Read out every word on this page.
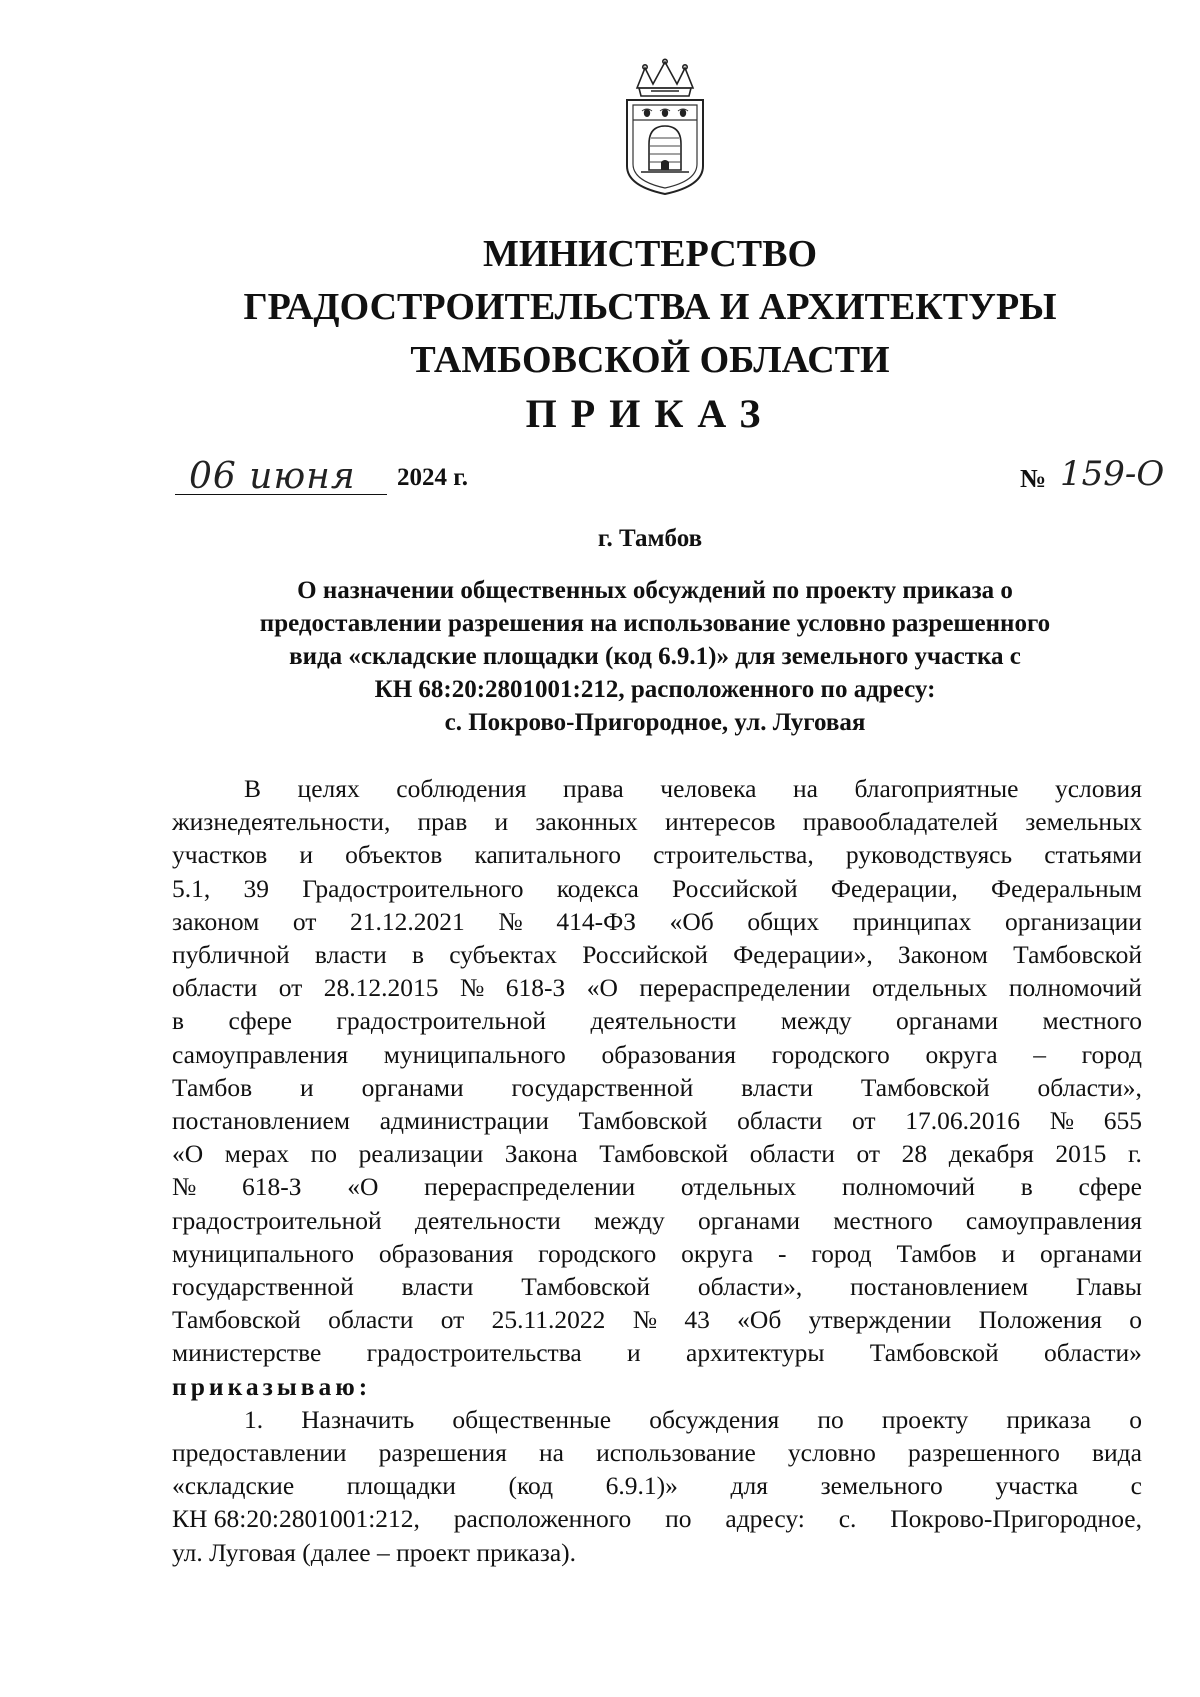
МИНИСТЕРСТВО
ГРАДОСТРОИТЕЛЬСТВА И АРХИТЕКТУРЫ
ТАМБОВСКОЙ ОБЛАСТИ
ПРИКАЗ
06 июня 2024 г.	№ 159-О
г. Тамбов
О назначении общественных обсуждений по проекту приказа о
предоставлении разрешения на использование условно разрешенного
вида «складские площадки (код 6.9.1)» для земельного участка с
КН 68:20:2801001:212, расположенного по адресу:
с. Покрово-Пригородное, ул. Луговая
В целях соблюдения права человека на благоприятные условия
жизнедеятельности, прав и законных интересов правообладателей земельных
участков и объектов капитального строительства, руководствуясь статьями
5.1, 39 Градостроительного кодекса Российской Федерации, Федеральным
законом от 21.12.2021 № 414-ФЗ «Об общих принципах организации
публичной власти в субъектах Российской Федерации», Законом Тамбовской
области от 28.12.2015 № 618-З «О перераспределении отдельных полномочий
в сфере градостроительной деятельности между органами местного
самоуправления муниципального образования городского округа – город
Тамбов и органами государственной власти Тамбовской области»,
постановлением администрации Тамбовской области от 17.06.2016 № 655
«О мерах по реализации Закона Тамбовской области от 28 декабря 2015 г.
№ 618-З «О перераспределении отдельных полномочий в сфере
градостроительной деятельности между органами местного самоуправления
муниципального образования городского округа - город Тамбов и органами
государственной власти Тамбовской области», постановлением Главы
Тамбовской области от 25.11.2022 № 43 «Об утверждении Положения о
министерстве градостроительства и архитектуры Тамбовской области»
приказываю:
1. Назначить общественные обсуждения по проекту приказа о
предоставлении разрешения на использование условно разрешенного вида
«складские площадки (код 6.9.1)» для земельного участка с
КН 68:20:2801001:212, расположенного по адресу: с. Покрово-Пригородное,
ул. Луговая (далее – проект приказа).
